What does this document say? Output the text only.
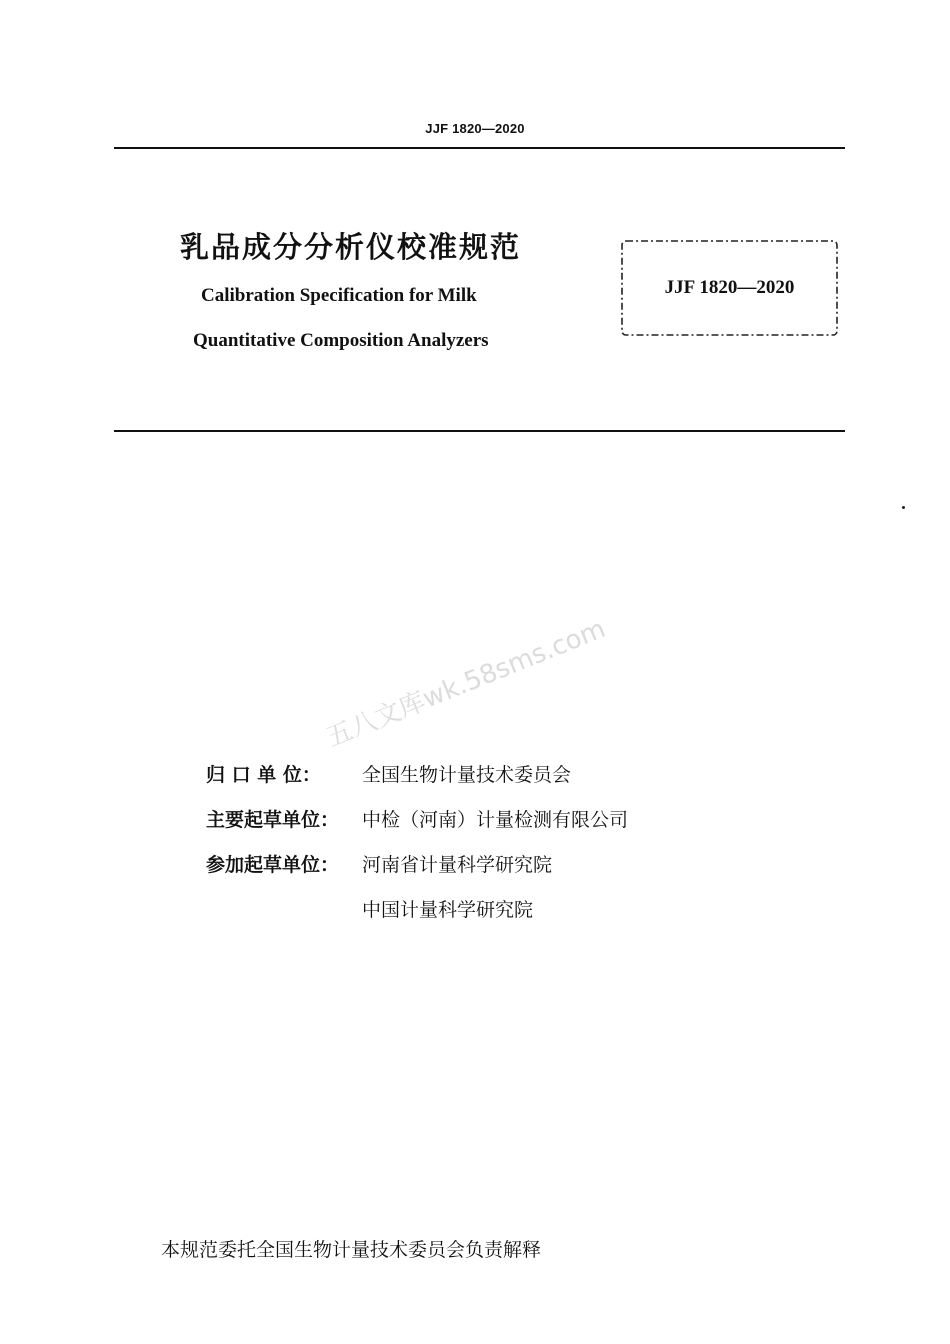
JJF 1820—2020
乳品成分分析仪校准规范
Calibration Specification for Milk
Quantitative Composition Analyzers
JJF 1820—2020
五八文库wk.58sms.com
归 口 单 位： 全国生物计量技术委员会
主要起草单位： 中检（河南）计量检测有限公司
参加起草单位： 河南省计量科学研究院
中国计量科学研究院
本规范委托全国生物计量技术委员会负责解释
